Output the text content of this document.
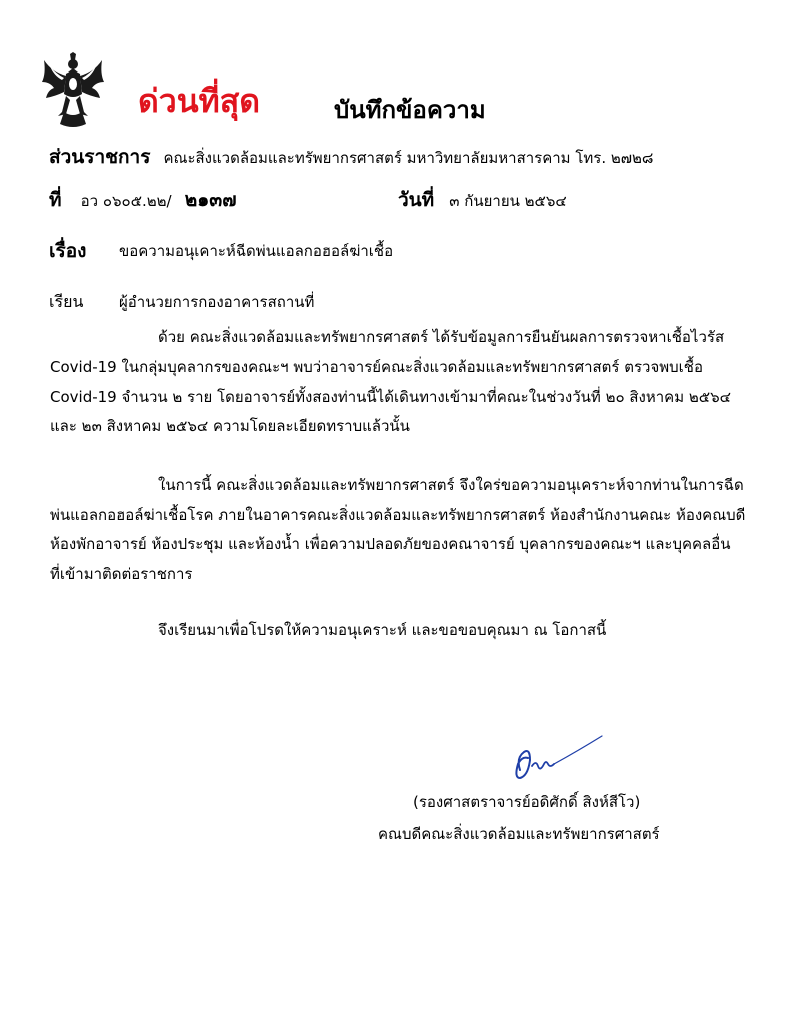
ด่วนที่สุด	บันทึกข้อความ
ส่วนราชการ คณะสิ่งแวดล้อมและทรัพยากรศาสตร์ มหาวิทยาลัยมหาสารคาม โทร. ๒๗๒๘
ที่ อว ๐๖๐๕.๒๒/ ๒๑๓๗	วันที่ ๓ กันยายน ๒๕๖๔
เรื่อง ขอความอนุเคาะห์ฉีดพ่นแอลกอฮอล์ฆ่าเชื้อ
เรียน ผู้อำนวยการกองอาคารสถานที่
ด้วย คณะสิ่งแวดล้อมและทรัพยากรศาสตร์ ได้รับข้อมูลการยืนยันผลการตรวจหาเชื้อไวรัส
Covid-19 ในกลุ่มบุคลากรของคณะฯ พบว่าอาจารย์คณะสิ่งแวดล้อมและทรัพยากรศาสตร์ ตรวจพบเชื้อ
Covid-19 จำนวน ๒ ราย โดยอาจารย์ทั้งสองท่านนี้ได้เดินทางเข้ามาที่คณะในช่วงวันที่ ๒๐ สิงหาคม ๒๕๖๔
และ ๒๓ สิงหาคม ๒๕๖๔ ความโดยละเอียดทราบแล้วนั้น
ในการนี้ คณะสิ่งแวดล้อมและทรัพยากรศาสตร์ จึงใคร่ขอความอนุเคราะห์จากท่านในการฉีด
พ่นแอลกอฮอล์ฆ่าเชื้อโรค ภายในอาคารคณะสิ่งแวดล้อมและทรัพยากรศาสตร์ ห้องสำนักงานคณะ ห้องคณบดี
ห้องพักอาจารย์ ห้องประชุม และห้องน้ำ เพื่อความปลอดภัยของคณาจารย์ บุคลากรของคณะฯ และบุคคลอื่น
ที่เข้ามาติดต่อราชการ
จึงเรียนมาเพื่อโปรดให้ความอนุเคราะห์ และขอขอบคุณมา ณ โอกาสนี้
(รองศาสตราจารย์อดิศักดิ์ สิงห์สีโว)
คณบดีคณะสิ่งแวดล้อมและทรัพยากรศาสตร์
